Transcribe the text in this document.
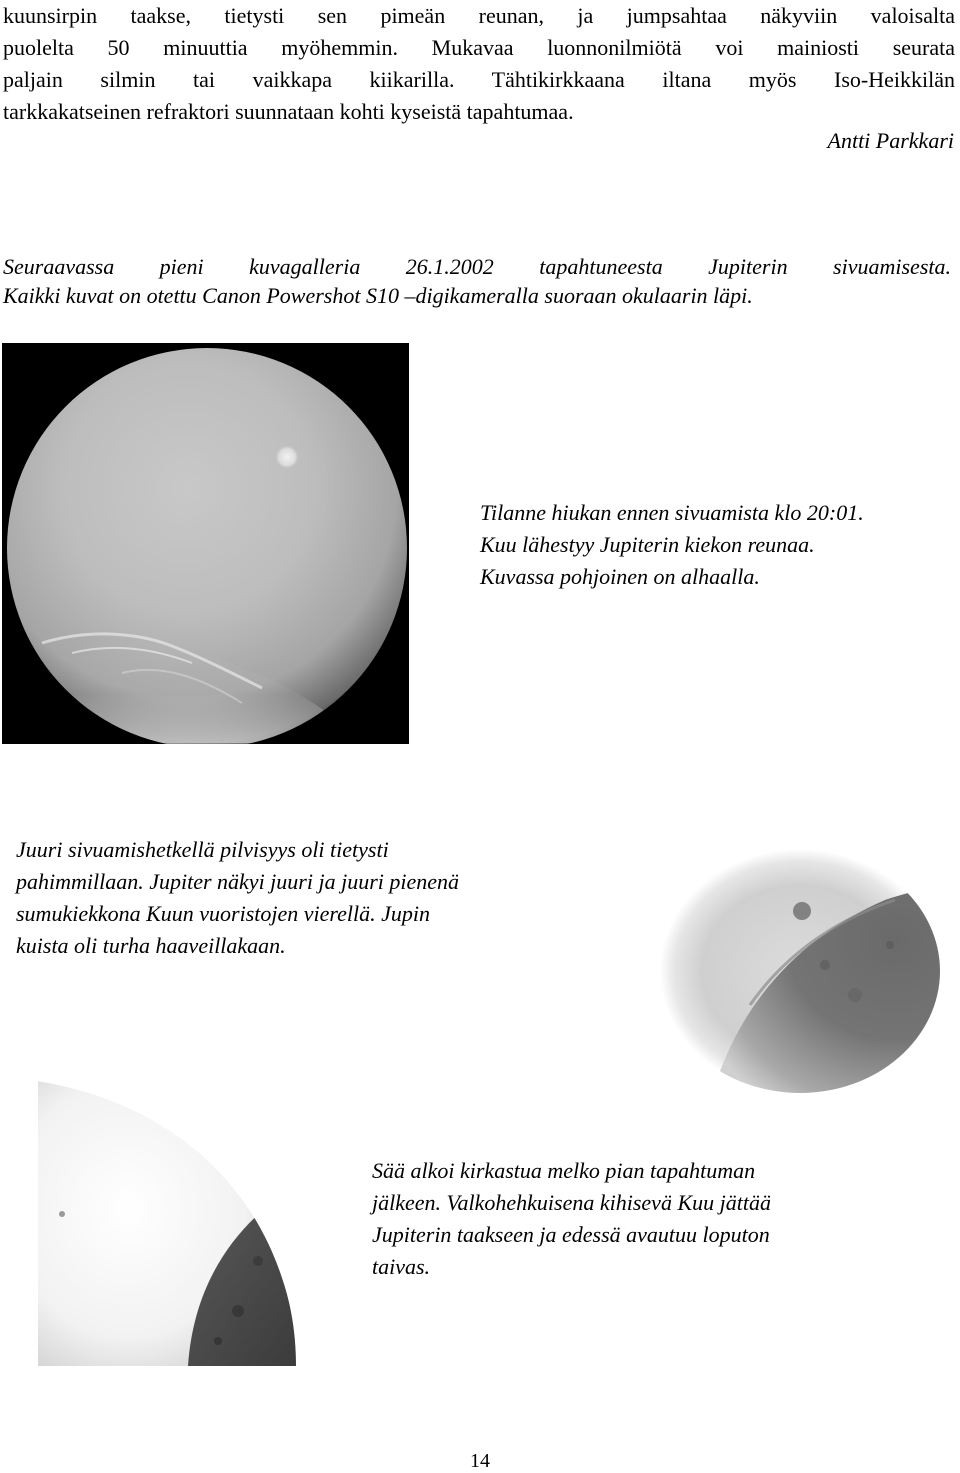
kuunsirpin taakse, tietysti sen pimeän reunan, ja jumpsahtaa näkyviin valoisalta
puolelta 50 minuuttia myöhemmin. Mukavaa luonnonilmiötä voi mainiosti seurata
paljain silmin tai vaikkapa kiikarilla. Tähtikirkkaana iltana myös Iso-Heikkilän
tarkkakatseinen refraktori suunnataan kohti kyseistä tapahtumaa.
Antti Parkkari
Seuraavassa pieni kuvagalleria 26.1.2002 tapahtuneesta Jupiterin sivuamisesta.
Kaikki kuvat on otettu Canon Powershot S10 –digikameralla suoraan okulaarin läpi.
Tilanne hiukan ennen sivuamista klo 20:01.
Kuu lähestyy Jupiterin kiekon reunaa.
Kuvassa pohjoinen on alhaalla.
Juuri sivuamishetkellä pilvisyys oli tietysti
pahimmillaan. Jupiter näkyi juuri ja juuri pienenä
sumukiekkona Kuun vuoristojen vierellä. Jupin
kuista oli turha haaveillakaan.
Sää alkoi kirkastua melko pian tapahtuman
jälkeen. Valkohehkuisena kihisevä Kuu jättää
Jupiterin taakseen ja edessä avautuu loputon
taivas.
14
